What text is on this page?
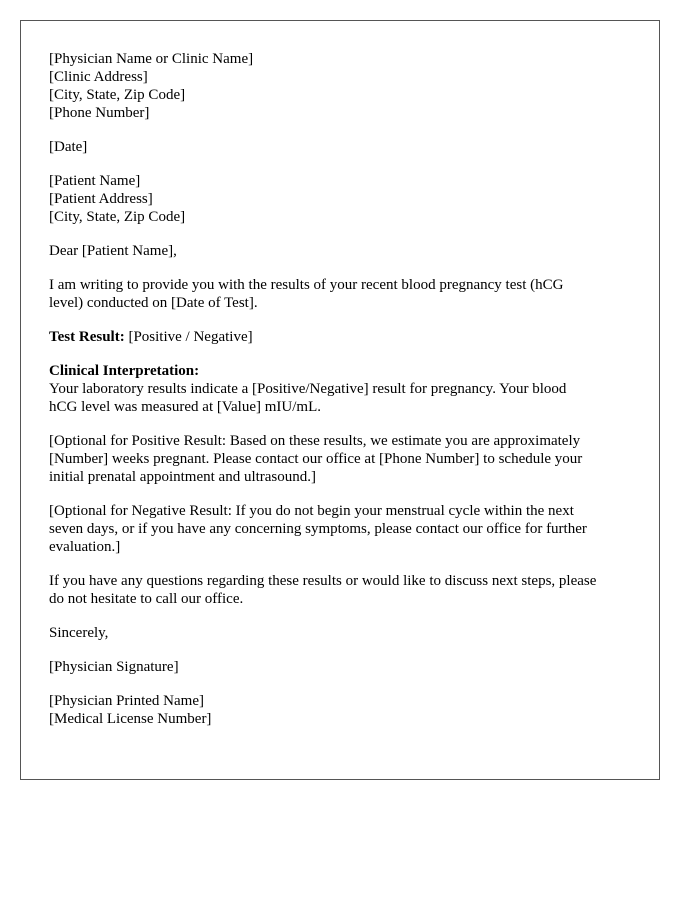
[Physician Name or Clinic Name]
[Clinic Address]
[City, State, Zip Code]
[Phone Number]
[Date]
[Patient Name]
[Patient Address]
[City, State, Zip Code]
Dear [Patient Name],
I am writing to provide you with the results of your recent blood pregnancy test (hCG
level) conducted on [Date of Test].
Test Result: [Positive / Negative]
Clinical Interpretation:
Your laboratory results indicate a [Positive/Negative] result for pregnancy. Your blood
hCG level was measured at [Value] mIU/mL.
[Optional for Positive Result: Based on these results, we estimate you are approximately
[Number] weeks pregnant. Please contact our office at [Phone Number] to schedule your
initial prenatal appointment and ultrasound.]
[Optional for Negative Result: If you do not begin your menstrual cycle within the next
seven days, or if you have any concerning symptoms, please contact our office for further
evaluation.]
If you have any questions regarding these results or would like to discuss next steps, please
do not hesitate to call our office.
Sincerely,
[Physician Signature]
[Physician Printed Name]
[Medical License Number]
